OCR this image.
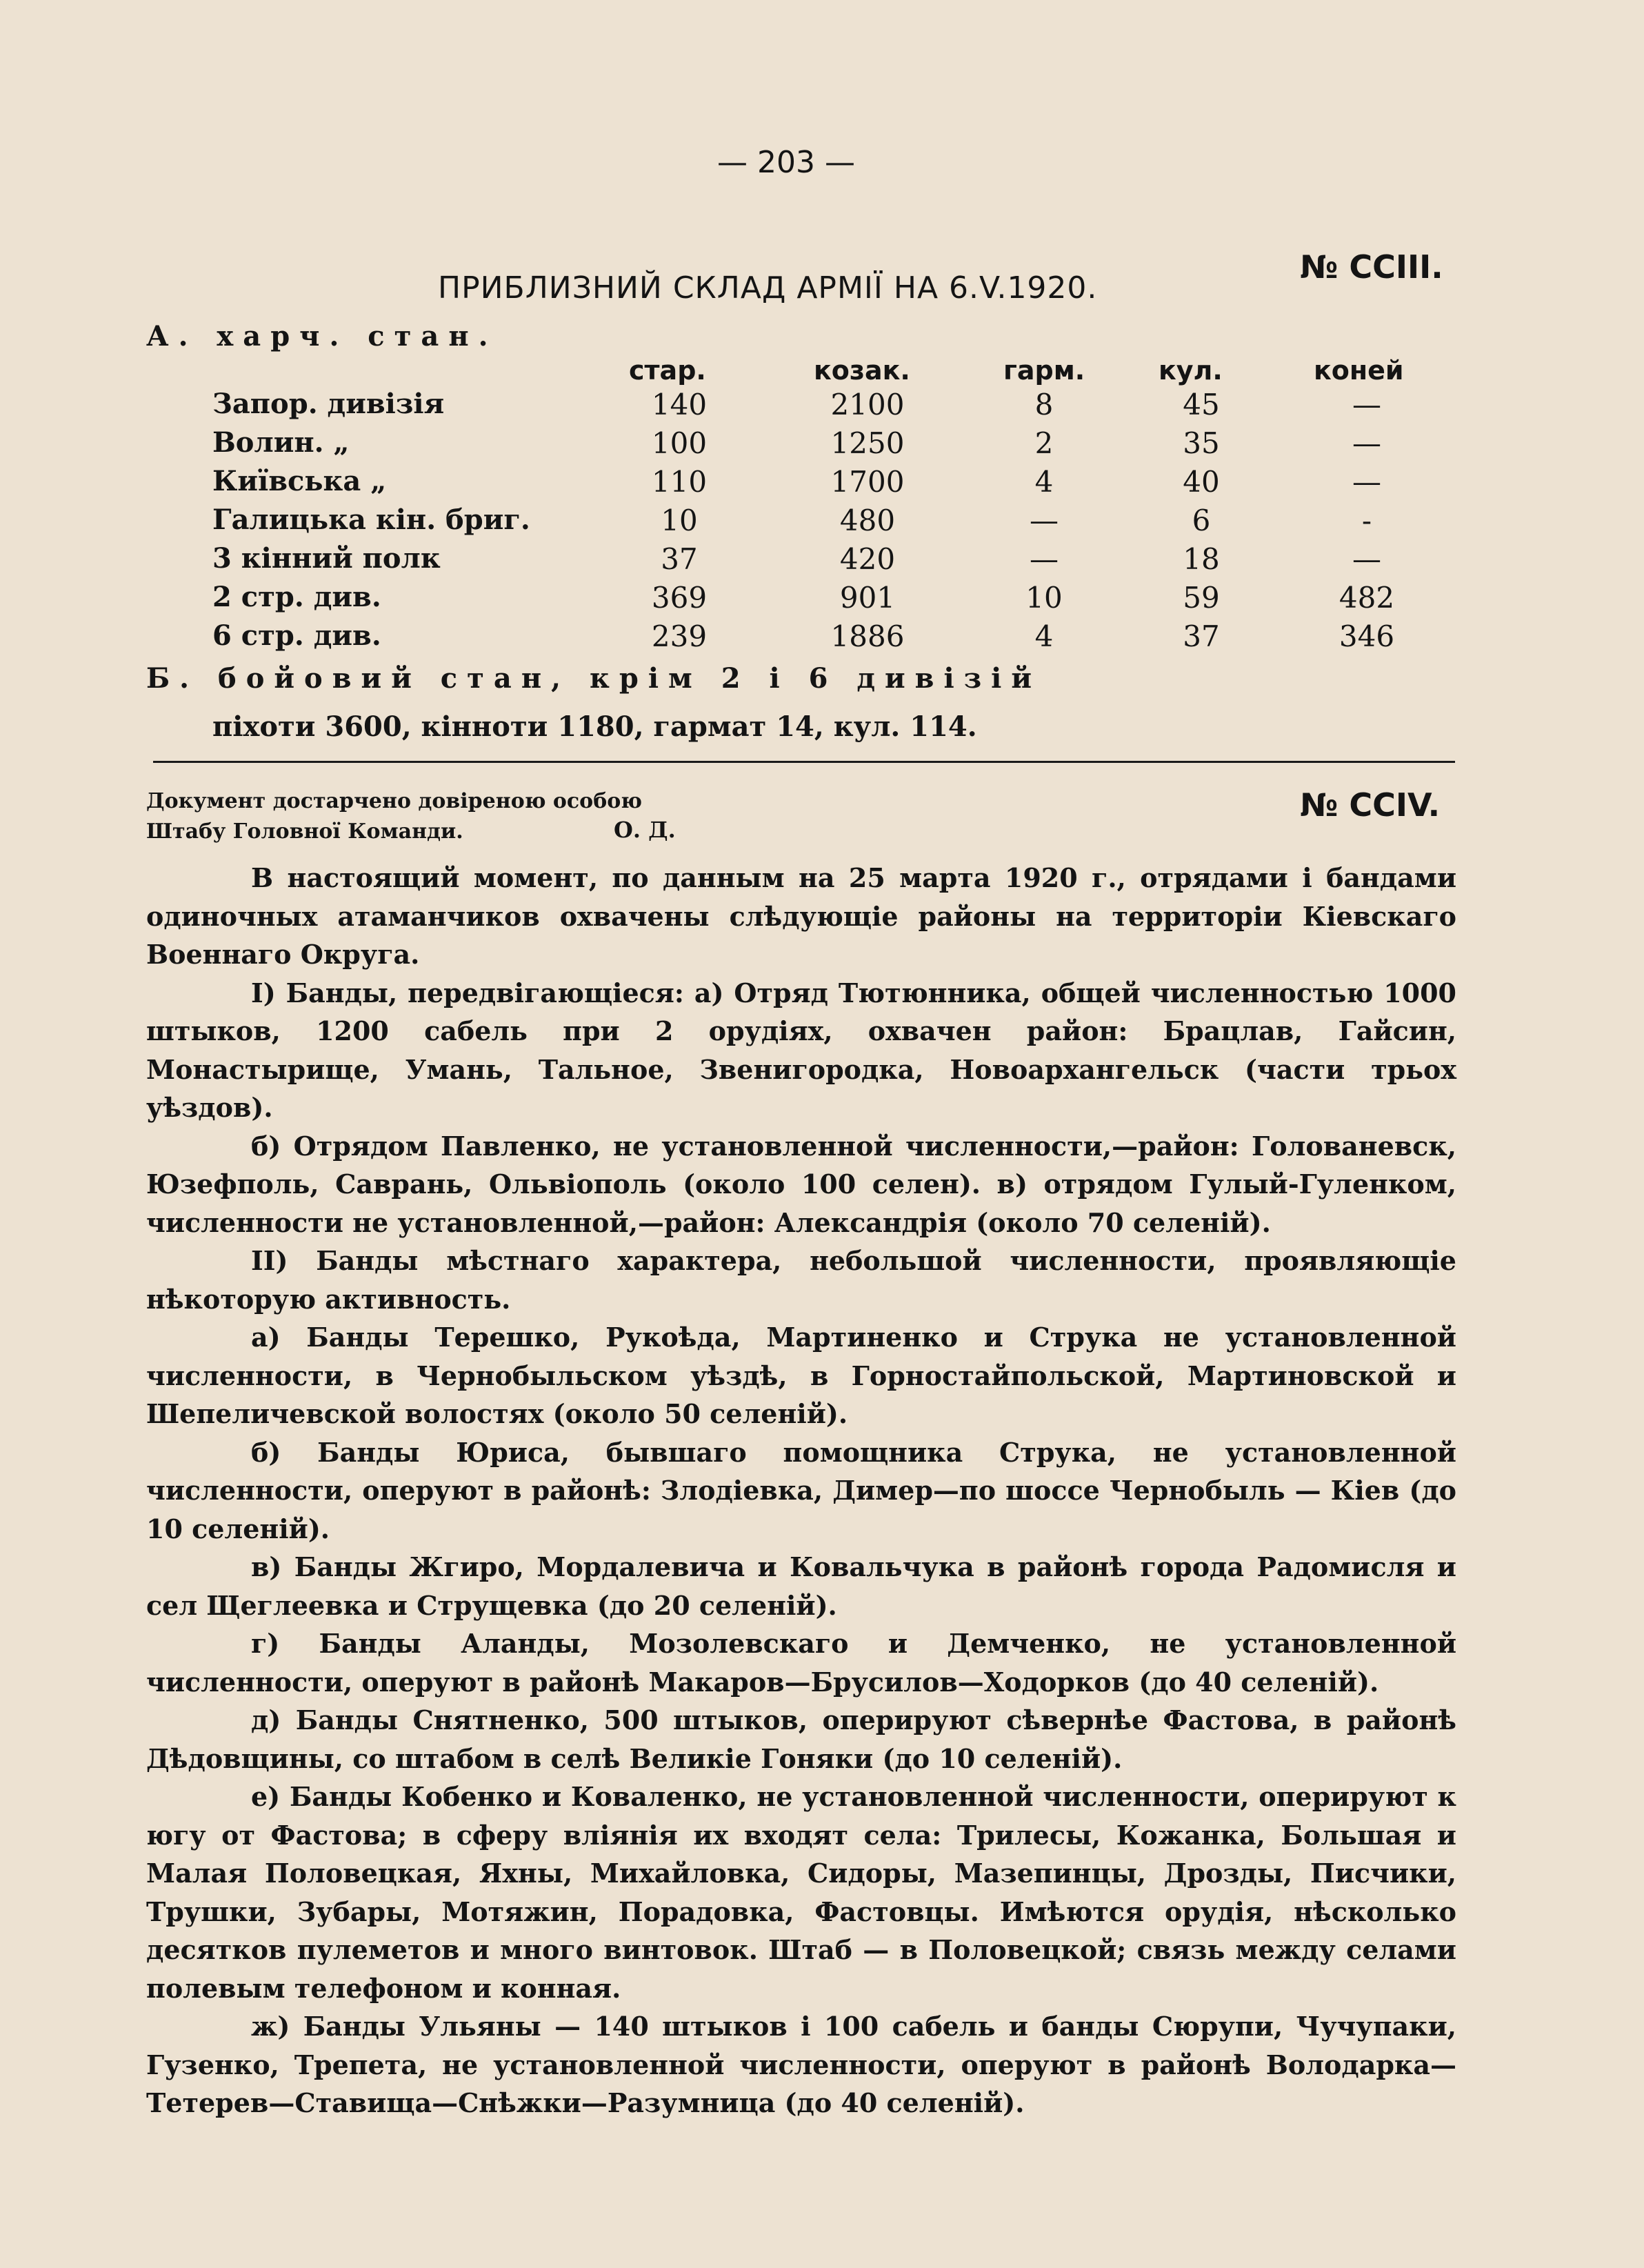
— 203 —
№ CCIII.
ПРИБЛИЗНИЙ СКЛАД АРМІЇ НА 6.V.1920.
А. харч. стан.
стар.	козак.	гарм.	кул.	коней
Запор. дивізія	140	2100	8	45	—
Волин. „	100	1250	2	35	—
Київська „	110	1700	4	40	—
Галицька кін. бриг.	10	480	—	6	-
3 кінний полк	37	420	—	18	—
2 стр. див.	369	901	10	59	482
6 стр. див.	239	1886	4	37	346
Б. бойовий стан, крім 2 і 6 дивізій
піхоти 3600, кінноти 1180, гармат 14, кул. 114.
Документ достарчено довіреною особою
Штабу Головної Команди.	О. Д.
№ CCIV.

В настоящий момент, по данным на 25 марта 1920 г., отрядами і бандами одиночных атаманчиков охвачены слѣдующіе районы на территоріи Кіевскаго Военнаго Округа.

I) Банды, передвігающіеся: а) Отряд Тютюнника, общей численностью 1000 штыков, 1200 сабель при 2 орудіях, охвачен район: Брацлав, Гайсин, Монастырище, Умань, Тальное, Звенигородка, Новоархангельск (части трьох уѣздов).

б) Отрядом Павленко, не установленной численности,—район: Голованевск, Юзефполь, Саврань, Ольвіополь (около 100 селен). в) отрядом Гулый-Гуленком, численности не установленной,—район: Александрія (около 70 селеній).

II) Банды мѣстнаго характера, небольшой численности, проявляющіе нѣкоторую активность.

а) Банды Терешко, Рукоѣда, Мартиненко и Струка не установленной численности, в Чернобыльском уѣздѣ, в Горностайпольской, Мартиновской и Шепеличевской волостях (около 50 селеній).

б) Банды Юриса, бывшаго помощника Струка, не установленной численности, оперуют в районѣ: Злодіевка, Димер—по шоссе Чернобыль — Кіев (до 10 селеній).

в) Банды Жгиро, Мордалевича и Ковальчука в районѣ города Радомисля и сел Щеглеевка и Струщевка (до 20 селеній).

г) Банды Аланды, Мозолевскаго и Демченко, не установленной численности, оперуют в районѣ Макаров—Брусилов—Ходорков (до 40 селеній).

д) Банды Снятненко, 500 штыков, оперируют сѣвернѣе Фастова, в районѣ Дѣдовщины, со штабом в селѣ Великіе Гоняки (до 10 селеній).

е) Банды Кобенко и Коваленко, не установленной численности, оперируют к югу от Фастова; в сферу вліянія их входят села: Трилесы, Кожанка, Большая и Малая Половецкая, Яхны, Михайловка, Сидоры, Мазепинцы, Дрозды, Писчики, Трушки, Зубары, Мотяжин, Порадовка, Фастовцы. Имѣются орудія, нѣсколько десятков пулеметов и много винтовок. Штаб — в Половецкой; связь между селами полевым телефоном и конная.

ж) Банды Ульяны — 140 штыков і 100 сабель и банды Сюрупи, Чучупаки, Гузенко, Трепета, не установленной численности, оперуют в районѣ Володарка—Тетерев—Ставища—Снѣжки—Разумница (до 40 селеній).
